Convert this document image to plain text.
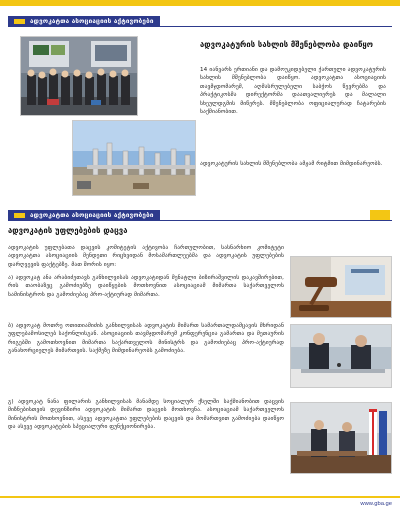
ადვოკატთა ასოციაციის აქტივობები
ადვოკატურის სახლის მშენებლობა დაიწყო
14 იანვარს ერთიანი და დამოუკიდებელი ქართული ადვოკატურის სახლის მშენებლობა დაიწყო. ადვოკატთა ასოციაციის თავმჯდომარემ, აღმასრულებელი საბჭოს წევრებმა და პრაქტიკოსმა დირექტორმა დაათვალიერეს და მალალი სხეულდგმის მიწერეს. მშენებლობა ოფიციალურად ჩატარების საქმიანობით.
ადვოკატურის სახლის მშენებლობა ამჟამ რიტმით მიმდინარეობს.
ადვოკატთა ასოციაციის აქტივობები
ადვოკატის უფლებების დაცვა
ადვოკატის უფლებათა დაცვის კომიტეტის აქტივობა ჩართულობით, სასნარხიო კომიტეტი ადვოკატთა ასოციაციის მენდეთი რიცხვიდან მოსამართლეებმა და ადვოკატის უფლებების დარღვევის ფაქტებზე. მათ შორის იყო:
ა) ადვოკატ ანა არაბიძეთავს განხილვისას ადვოკატიდან მენატლი ბიზირაშვილის დაკავშირებით, რის თაობაზეც გამოძიებზე დაიწყების მოთხოვნით ასოციაციამ მიმართა საქართველოს სამინისტროს და გამოძიებაც პრო-აქტიურად მიმართა.
ბ) ადვოკატ მოთრე ოთითიამიძის განხილვისას ადვოკატის მიმართ სამართალდამცავის მხრიდან უფლებამოსილებ საქონლისგან. ასოციაციის თავმჯდომარემ კონფერენცია გამართა და მეთაურის რიგებში გამოთხოვნით მიმართა საქართველოს მინისტრს და გამოძიებაც პრო-აქტიურად განახორციელეს მიმართვის. საქმეზე მიმდინარეობს გამოძიება.
გ) ადვოკატ ნანა ფილარის განხილვისას მანამდე სოციალურ ქსელში საქმიანობით დაცვის მიზნებისთვის დევინზირი ადვოკატის მიმართ დაცვის მოთხოვნა. ასოციაციამ საქართველოს მინისტრის მოთხოვნით, ასევე ადვოკატთა უფლებების დაცვის და მომართვით გამოძიება დაიწყო და ასევე ადვოკატების სპეციალური ფუნქციონირება.
www.gba.ge
